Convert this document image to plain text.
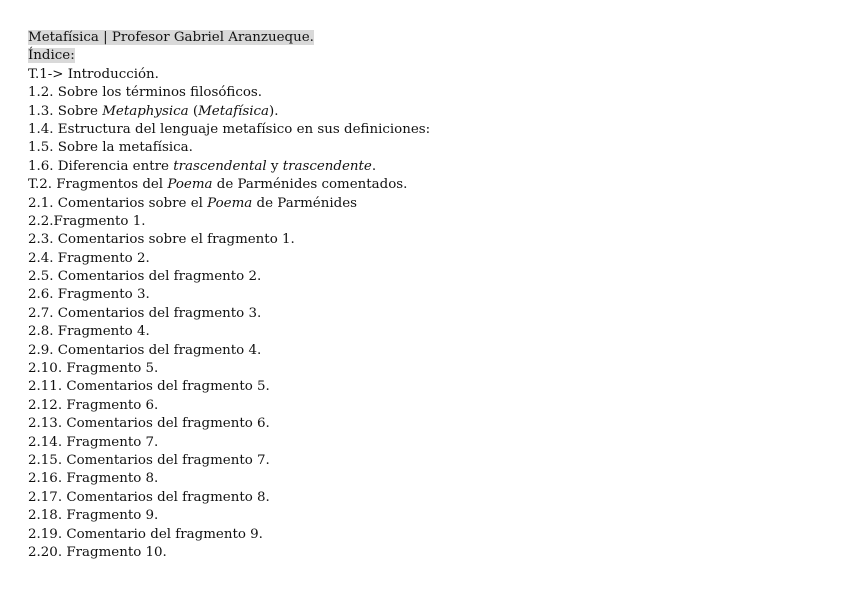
Metafísica | Profesor Gabriel Aranzueque.
Índice:
T.1-> Introducción.
1.2. Sobre los términos filosóficos.
1.3. Sobre Metaphysica (Metafísica).
1.4. Estructura del lenguaje metafísico en sus definiciones:
1.5. Sobre la metafísica.
1.6. Diferencia entre trascendental y trascendente.
T.2. Fragmentos del Poema de Parménides comentados.
2.1. Comentarios sobre el Poema de Parménides
2.2.Fragmento 1.
2.3. Comentarios sobre el fragmento 1.
2.4. Fragmento 2.
2.5. Comentarios del fragmento 2.
2.6. Fragmento 3.
2.7. Comentarios del fragmento 3.
2.8. Fragmento 4.
2.9. Comentarios del fragmento 4.
2.10. Fragmento 5.
2.11. Comentarios del fragmento 5.
2.12. Fragmento 6.
2.13. Comentarios del fragmento 6.
2.14. Fragmento 7.
2.15. Comentarios del fragmento 7.
2.16. Fragmento 8.
2.17. Comentarios del fragmento 8.
2.18. Fragmento 9.
2.19. Comentario del fragmento 9.
2.20. Fragmento 10.
